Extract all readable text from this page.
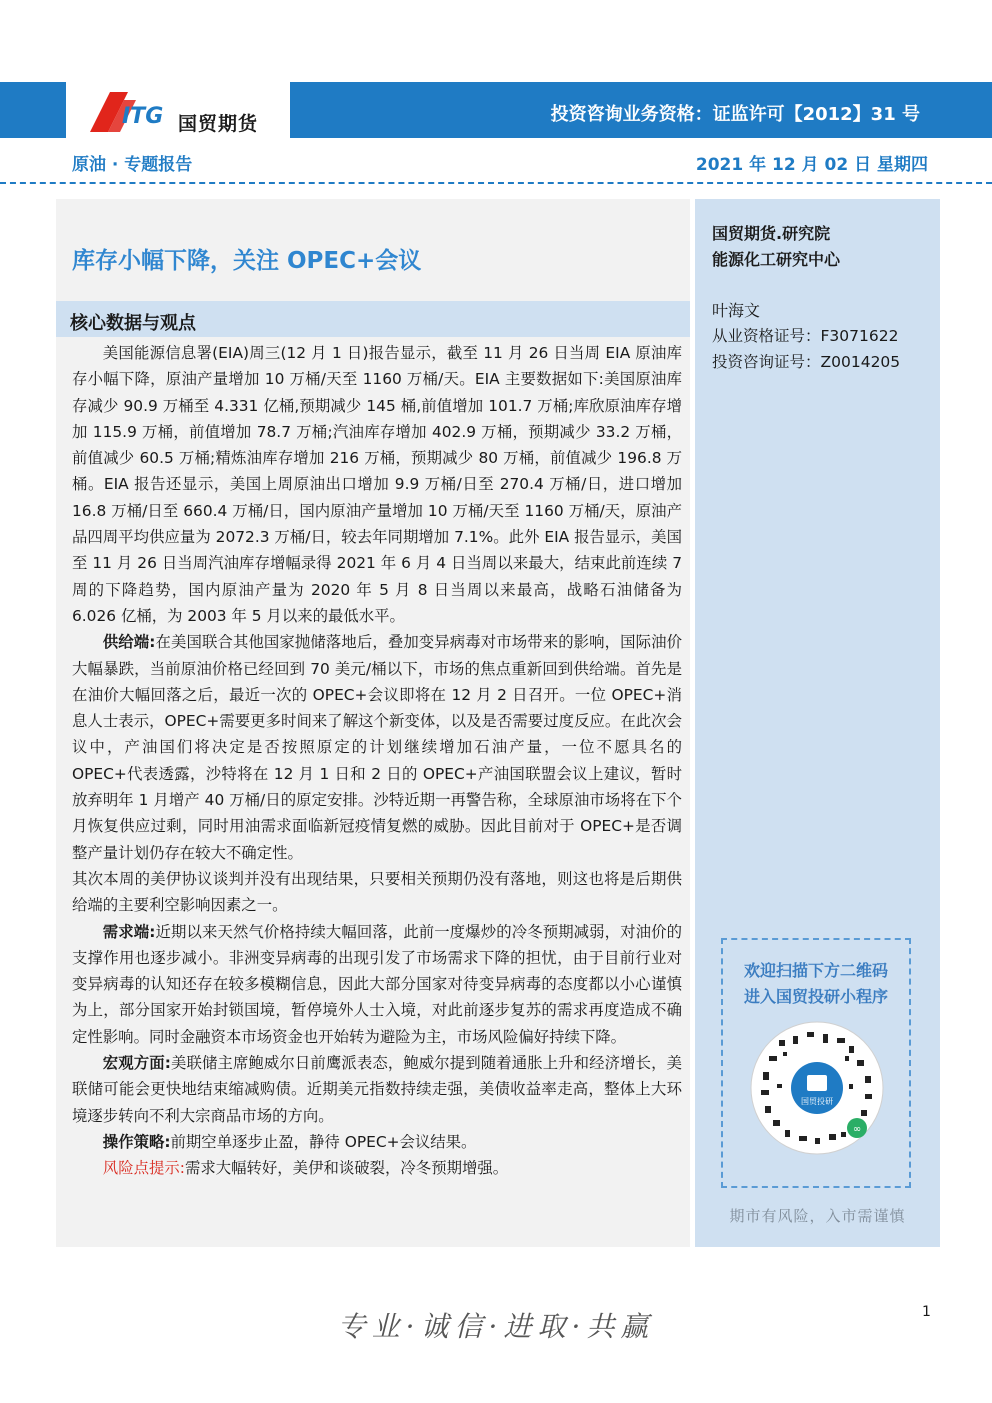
ITG 国贸期货	投资咨询业务资格：证监许可【2012】31 号
原油 · 专题报告	2021 年 12 月 02 日 星期四
库存小幅下降，关注 OPEC+会议
核心数据与观点

美国能源信息署(EIA)周三(12 月 1 日)报告显示，截至 11 月 26 日当周 EIA 原油库存小幅下降，原油产量增加 10 万桶/天至 1160 万桶/天。EIA 主要数据如下:美国原油库存减少 90.9 万桶至 4.331 亿桶,预期减少 145 桶,前值增加 101.7 万桶;库欣原油库存增加 115.9 万桶，前值增加 78.7 万桶;汽油库存增加 402.9 万桶，预期减少 33.2 万桶，前值减少 60.5 万桶;精炼油库存增加 216 万桶，预期减少 80 万桶，前值减少 196.8 万桶。EIA 报告还显示，美国上周原油出口增加 9.9 万桶/日至 270.4 万桶/日，进口增加 16.8 万桶/日至 660.4 万桶/日，国内原油产量增加 10 万桶/天至 1160 万桶/天，原油产品四周平均供应量为 2072.3 万桶/日，较去年同期增加 7.1%。此外 EIA 报告显示，美国至 11 月 26 日当周汽油库存增幅录得 2021 年 6 月 4 日当周以来最大，结束此前连续 7 周的下降趋势，国内原油产量为 2020 年 5 月 8 日当周以来最高，战略石油储备为 6.026 亿桶，为 2003 年 5 月以来的最低水平。

供给端:在美国联合其他国家抛储落地后，叠加变异病毒对市场带来的影响，国际油价大幅暴跌，当前原油价格已经回到 70 美元/桶以下，市场的焦点重新回到供给端。首先是在油价大幅回落之后，最近一次的 OPEC+会议即将在 12 月 2 日召开。一位 OPEC+消息人士表示，OPEC+需要更多时间来了解这个新变体，以及是否需要过度反应。在此次会议中，产油国们将决定是否按照原定的计划继续增加石油产量，一位不愿具名的 OPEC+代表透露，沙特将在 12 月 1 日和 2 日的 OPEC+产油国联盟会议上建议，暂时放弃明年 1 月增产 40 万桶/日的原定安排。沙特近期一再警告称，全球原油市场将在下个月恢复供应过剩，同时用油需求面临新冠疫情复燃的威胁。因此目前对于 OPEC+是否调整产量计划仍存在较大不确定性。

其次本周的美伊协议谈判并没有出现结果，只要相关预期仍没有落地，则这也将是后期供给端的主要利空影响因素之一。

需求端:近期以来天然气价格持续大幅回落，此前一度爆炒的冷冬预期减弱，对油价的支撑作用也逐步减小。非洲变异病毒的出现引发了市场需求下降的担忧，由于目前行业对变异病毒的认知还存在较多模糊信息，因此大部分国家对待变异病毒的态度都以小心谨慎为上，部分国家开始封锁国境，暂停境外人士入境，对此前逐步复苏的需求再度造成不确定性影响。同时金融资本市场资金也开始转为避险为主，市场风险偏好持续下降。

宏观方面:美联储主席鲍威尔日前鹰派表态，鲍威尔提到随着通胀上升和经济增长，美联储可能会更快地结束缩减购债。近期美元指数持续走强，美债收益率走高，整体上大环境逐步转向不利大宗商品市场的方向。

操作策略:前期空单逐步止盈，静待 OPEC+会议结果。

风险点提示:需求大幅转好，美伊和谈破裂，冷冬预期增强。

国贸期货.研究院
能源化工研究中心
叶海文
从业资格证号：F3071622
投资咨询证号：Z0014205
欢迎扫描下方二维码
进入国贸投研小程序
国贸投研
∞
期市有风险，入市需谨慎
专业·诚信·进取·共赢	1
